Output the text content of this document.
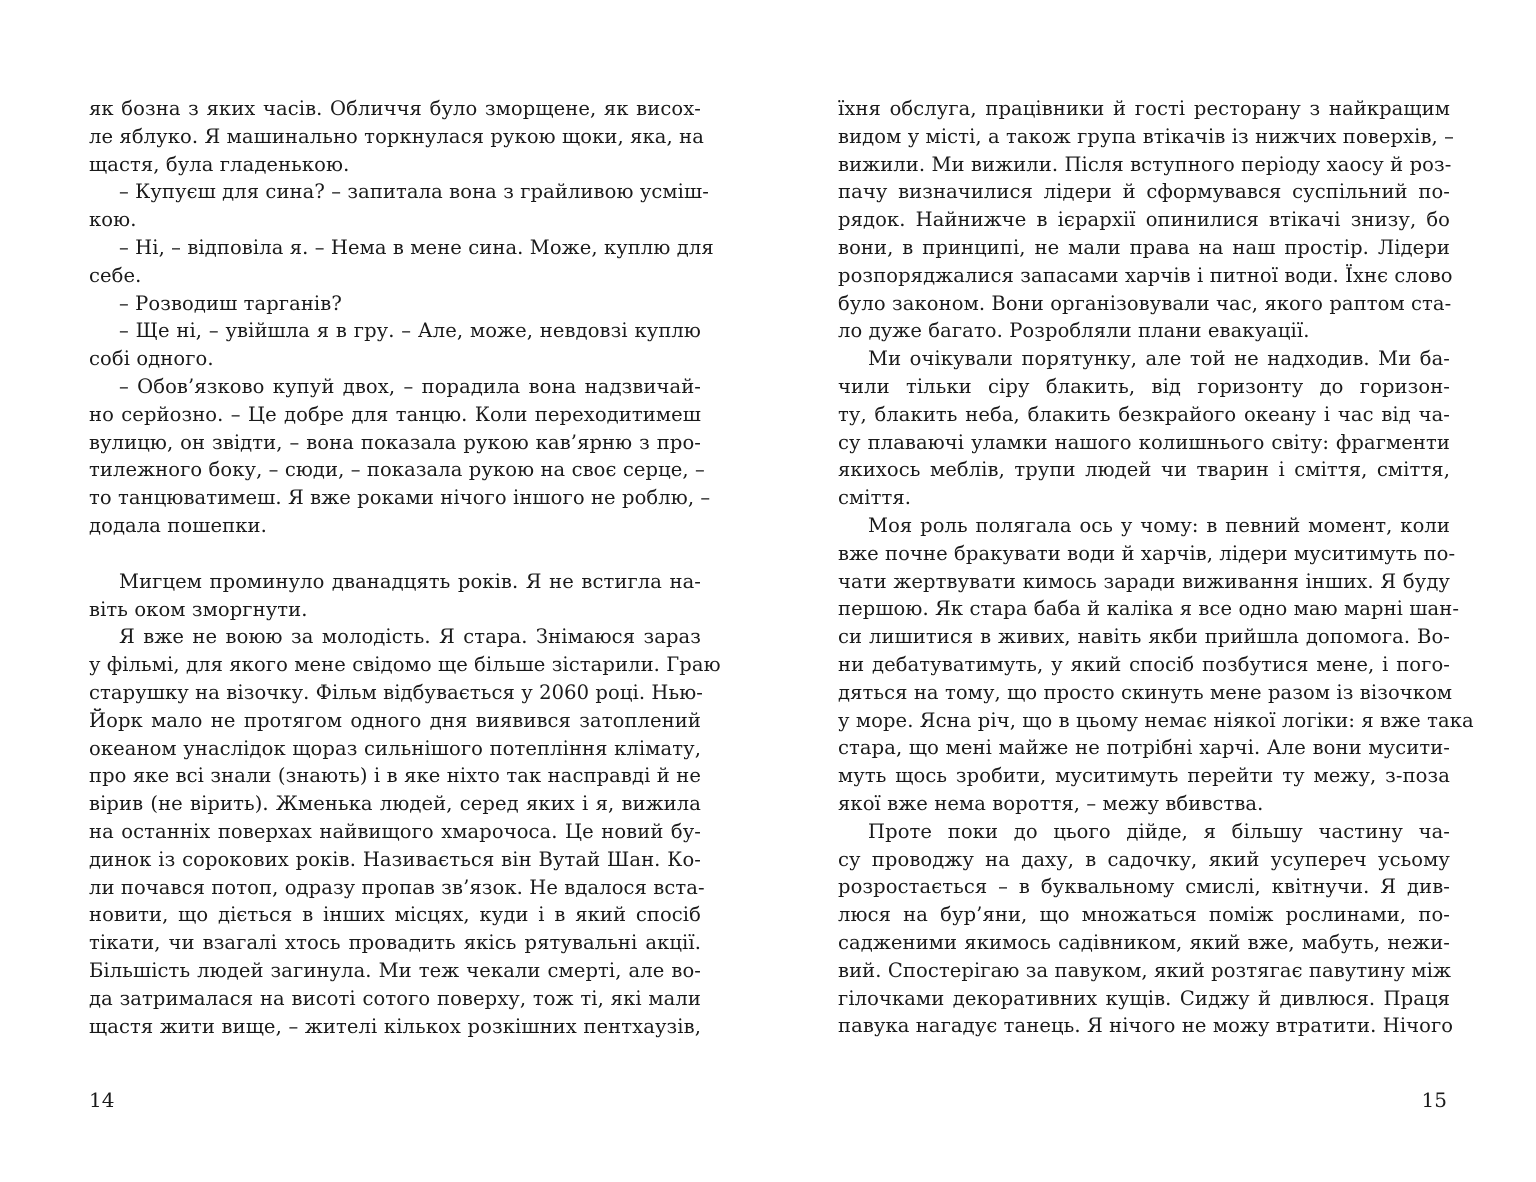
як бозна з яких часів. Обличчя було зморщене, як висох-
ле яблуко. Я машинально торкнулася рукою щоки, яка, на
щастя, була гладенькою.
– Купуєш для сина? – запитала вона з грайливою усміш-
кою.
– Ні, – відповіла я. – Нема в мене сина. Може, куплю для
себе.
– Розводиш тарганів?
– Ще ні, – увійшла я в гру. – Але, може, невдовзі куплю
собі одного.
– Обов’язково купуй двох, – порадила вона надзвичай-
но серйозно. – Це добре для танцю. Коли переходитимеш
вулицю, он звідти, – вона показала рукою кав’ярню з про-
тилежного боку, – сюди, – показала рукою на своє серце, –
то танцюватимеш. Я вже роками нічого іншого не роблю, –
додала пошепки.
Мигцем проминуло дванадцять років. Я не встигла на-
віть оком зморгнути.
Я вже не воюю за молодість. Я стара. Знімаюся зараз
у фільмі, для якого мене свідомо ще більше зістарили. Граю
старушку на візочку. Фільм відбувається у 2060 році. Нью-
Йорк мало не протягом одного дня виявився затоплений
океаном унаслідок щораз сильнішого потепління клімату,
про яке всі знали (знають) і в яке ніхто так насправді й не
вірив (не вірить). Жменька людей, серед яких і я, вижила
на останніх поверхах найвищого хмарочоса. Це новий бу-
динок із сорокових років. Називається він Вутай Шан. Ко-
ли почався потоп, одразу пропав зв’язок. Не вдалося вста-
новити, що діється в інших місцях, куди і в який спосіб
тікати, чи взагалі хтось провадить якісь рятувальні акції.
Більшість людей загинула. Ми теж чекали смерті, але во-
да затрималася на висоті сотого поверху, тож ті, які мали
щастя жити вище, – жителі кількох розкішних пентхаузів,
їхня обслуга, працівники й гості ресторану з найкращим
видом у місті, а також група втікачів із нижчих поверхів, –
вижили. Ми вижили. Після вступного періоду хаосу й роз-
пачу визначилися лідери й сформувався суспільний по-
рядок. Найнижче в ієрархії опинилися втікачі знизу, бо
вони, в принципі, не мали права на наш простір. Лідери
розпоряджалися запасами харчів і питної води. Їхнє слово
було законом. Вони організовували час, якого раптом ста-
ло дуже багато. Розробляли плани евакуації.
Ми очікували порятунку, але той не надходив. Ми ба-
чили тільки сіру блакить, від горизонту до горизон-
ту, блакить неба, блакить безкрайого океану і час від ча-
су плаваючі уламки нашого колишнього світу: фрагменти
якихось меблів, трупи людей чи тварин і сміття, сміття,
сміття.
Моя роль полягала ось у чому: в певний момент, коли
вже почне бракувати води й харчів, лідери муситимуть по-
чати жертвувати кимось заради виживання інших. Я буду
першою. Як стара баба й каліка я все одно маю марні шан-
си лишитися в живих, навіть якби прийшла допомога. Во-
ни дебатуватимуть, у який спосіб позбутися мене, і пого-
дяться на тому, що просто скинуть мене разом із візочком
у море. Ясна річ, що в цьому немає ніякої логіки: я вже така
стара, що мені майже не потрібні харчі. Але вони мусити-
муть щось зробити, муситимуть перейти ту межу, з-поза
якої вже нема вороття, – межу вбивства.
Проте поки до цього дійде, я більшу частину ча-
су проводжу на даху, в садочку, який усупереч усьому
розростається – в буквальному смислі, квітнучи. Я див-
люся на бур’яни, що множаться поміж рослинами, по-
садженими якимось садівником, який вже, мабуть, нежи-
вий. Спостерігаю за павуком, який розтягає павутину між
гілочками декоративних кущів. Сиджу й дивлюся. Праця
павука нагадує танець. Я нічого не можу втратити. Нічого
14	15
